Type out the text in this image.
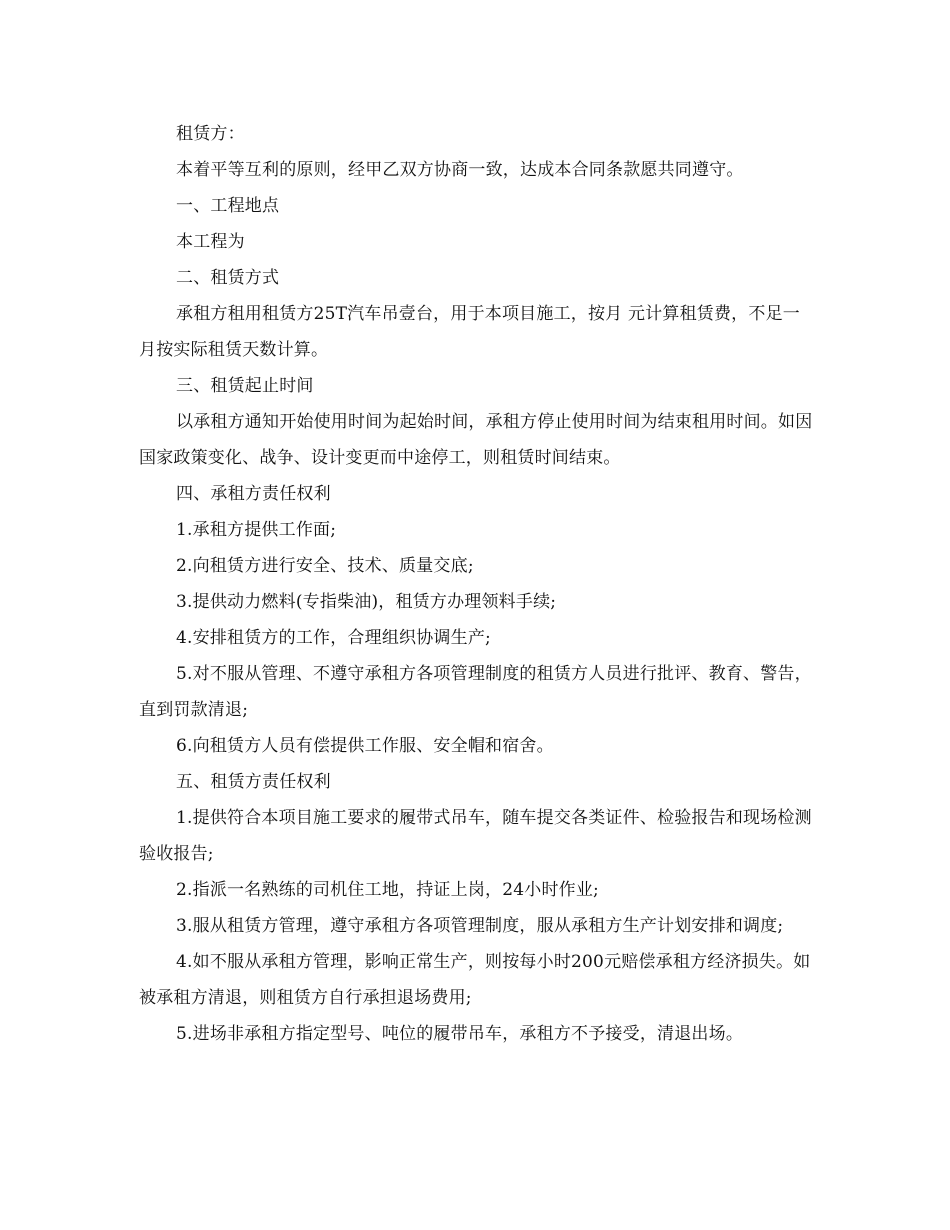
租赁方：

本着平等互利的原则，经甲乙双方协商一致，达成本合同条款愿共同遵守。

一、工程地点

本工程为

二、租赁方式

承租方租用租赁方25T汽车吊壹台，用于本项目施工，按月 元计算租赁费，不足一月按实际租赁天数计算。

三、租赁起止时间

以承租方通知开始使用时间为起始时间，承租方停止使用时间为结束租用时间。如因国家政策变化、战争、设计变更而中途停工，则租赁时间结束。

四、承租方责任权利

1.承租方提供工作面;

2.向租赁方进行安全、技术、质量交底;

3.提供动力燃料(专指柴油)，租赁方办理领料手续;

4.安排租赁方的工作，合理组织协调生产;

5.对不服从管理、不遵守承租方各项管理制度的租赁方人员进行批评、教育、警告，直到罚款清退;

6.向租赁方人员有偿提供工作服、安全帽和宿舍。

五、租赁方责任权利

1.提供符合本项目施工要求的履带式吊车，随车提交各类证件、检验报告和现场检测验收报告;

2.指派一名熟练的司机住工地，持证上岗，24小时作业;

3.服从租赁方管理，遵守承租方各项管理制度，服从承租方生产计划安排和调度;

4.如不服从承租方管理，影响正常生产，则按每小时200元赔偿承租方经济损失。如被承租方清退，则租赁方自行承担退场费用;

5.进场非承租方指定型号、吨位的履带吊车，承租方不予接受，清退出场。
